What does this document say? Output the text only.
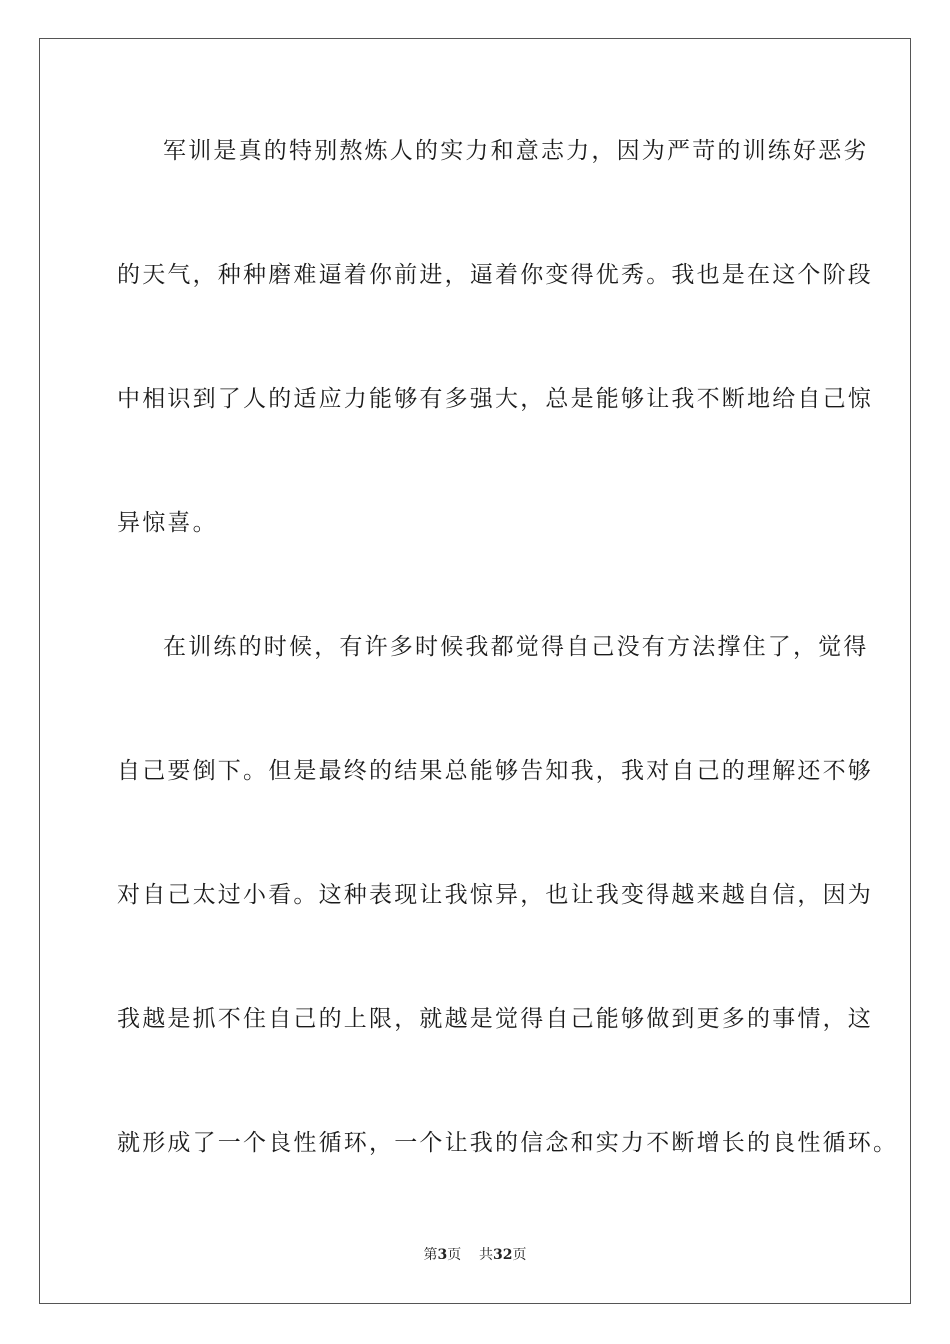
军训是真的特别熬炼人的实力和意志力，因为严苛的训练好恶劣
的天气，种种磨难逼着你前进，逼着你变得优秀。我也是在这个阶段
中相识到了人的适应力能够有多强大，总是能够让我不断地给自己惊
异惊喜。
在训练的时候，有许多时候我都觉得自己没有方法撑住了，觉得
自己要倒下。但是最终的结果总能够告知我，我对自己的理解还不够
对自己太过小看。这种表现让我惊异，也让我变得越来越自信，因为
我越是抓不住自己的上限，就越是觉得自己能够做到更多的事情，这
就形成了一个良性循环，一个让我的信念和实力不断增长的良性循环。
第3页 共32页
